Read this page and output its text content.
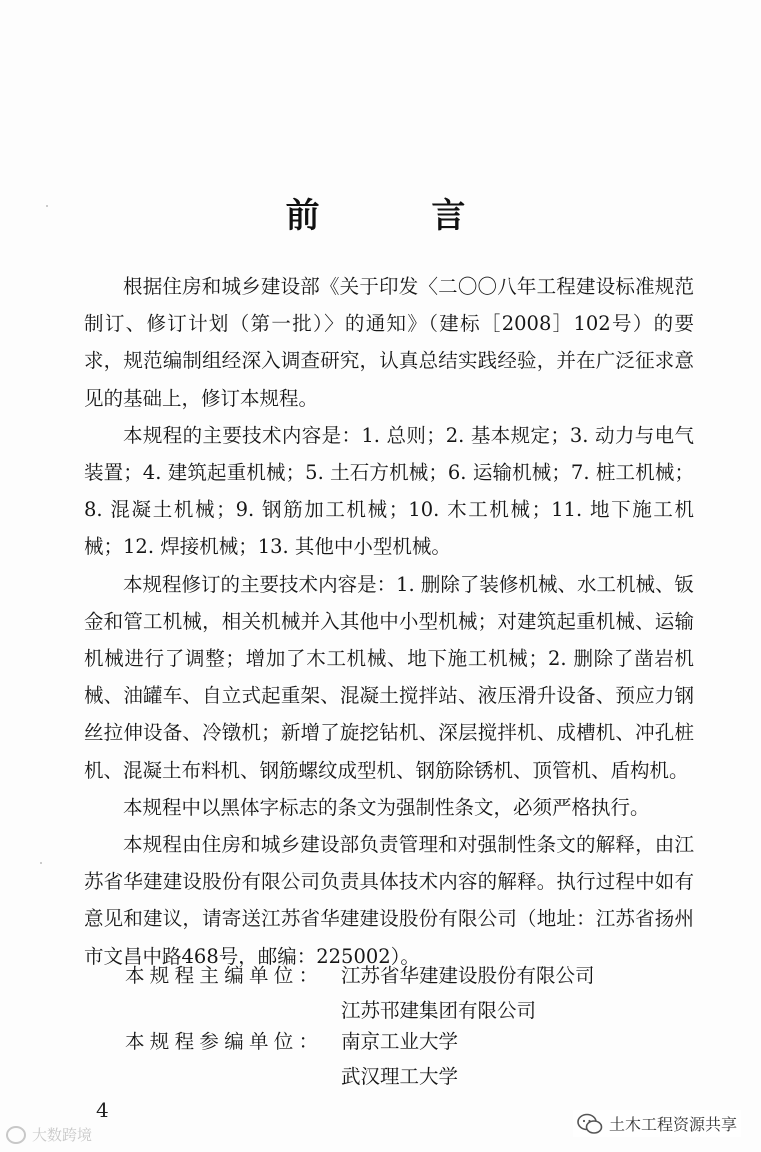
前 言

根据住房和城乡建设部《关于印发〈二〇〇八年工程建设标准规范制订、修订计划（第一批）〉的通知》（建标［2008］102号）的要求，规范编制组经深入调查研究，认真总结实践经验，并在广泛征求意见的基础上，修订本规程。

本规程的主要技术内容是：1. 总则；2. 基本规定；3. 动力与电气装置；4. 建筑起重机械；5. 土石方机械；6. 运输机械；7. 桩工机械；8. 混凝土机械；9. 钢筋加工机械；10. 木工机械；11. 地下施工机械；12. 焊接机械；13. 其他中小型机械。

本规程修订的主要技术内容是：1. 删除了装修机械、水工机械、钣金和管工机械，相关机械并入其他中小型机械；对建筑起重机械、运输机械进行了调整；增加了木工机械、地下施工机械；2. 删除了凿岩机械、油罐车、自立式起重架、混凝土搅拌站、液压滑升设备、预应力钢丝拉伸设备、冷镦机；新增了旋挖钻机、深层搅拌机、成槽机、冲孔桩机、混凝土布料机、钢筋螺纹成型机、钢筋除锈机、顶管机、盾构机。

本规程中以黑体字标志的条文为强制性条文，必须严格执行。

本规程由住房和城乡建设部负责管理和对强制性条文的解释，由江苏省华建建设股份有限公司负责具体技术内容的解释。执行过程中如有意见和建议，请寄送江苏省华建建设股份有限公司（地址：江苏省扬州市文昌中路468号，邮编：225002）。

本规程主编单位： 江苏省华建建设股份有限公司
江苏邗建集团有限公司
本规程参编单位： 南京工业大学
武汉理工大学
4
大数跨境
土木工程资源共享
